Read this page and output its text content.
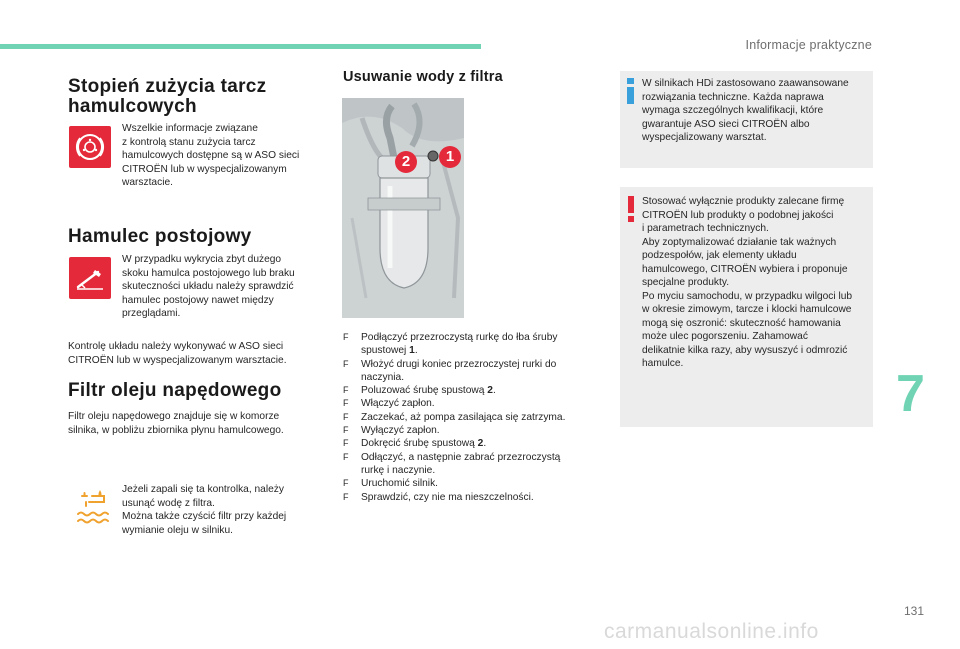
Informacje praktyczne
Stopień zużycia tarcz
hamulcowych
Wszelkie informacje związane
z kontrolą stanu zużycia tarcz
hamulcowych dostępne są w ASO sieci
CITROËN lub w wyspecjalizowanym
warsztacie.
Hamulec postojowy
W przypadku wykrycia zbyt dużego
skoku hamulca postojowego lub braku
skuteczności układu należy sprawdzić
hamulec postojowy nawet między
przeglądami.
Kontrolę układu należy wykonywać w ASO sieci
CITROËN lub w wyspecjalizowanym warsztacie.
Filtr oleju napędowego
Filtr oleju napędowego znajduje się w komorze
silnika, w pobliżu zbiornika płynu hamulcowego.
Jeżeli zapali się ta kontrolka, należy
usunąć wodę z filtra.
Można także czyścić filtr przy każdej
wymianie oleju w silniku.
Usuwanie wody z filtra
2	1
F Podłączyć przezroczystą rurkę do łba śruby
spustowej 1.
F Włożyć drugi koniec przezroczystej rurki do
naczynia.
F Poluzować śrubę spustową 2.
F Włączyć zapłon.
F Zaczekać, aż pompa zasilająca się zatrzyma.
F Wyłączyć zapłon.
F Dokręcić śrubę spustową 2.
F Odłączyć, a następnie zabrać przezroczystą
rurkę i naczynie.
F Uruchomić silnik.
F Sprawdzić, czy nie ma nieszczelności.
W silnikach HDi zastosowano zaawansowane
rozwiązania techniczne. Każda naprawa
wymaga szczególnych kwalifikacji, które
gwarantuje ASO sieci CITROËN albo
wyspecjalizowany warsztat.
Stosować wyłącznie produkty zalecane firmę
CITROËN lub produkty o podobnej jakości
i parametrach technicznych.
Aby zoptymalizować działanie tak ważnych
podzespołów, jak elementy układu
hamulcowego, CITROËN wybiera i proponuje
specjalne produkty.
Po myciu samochodu, w przypadku wilgoci lub
w okresie zimowym, tarcze i klocki hamulcowe
mogą się oszronić: skuteczność hamowania
może ulec pogorszeniu. Zahamować
delikatnie kilka razy, aby wysuszyć i odmrozić
hamulce.
7
131
carmanualsonline.info
